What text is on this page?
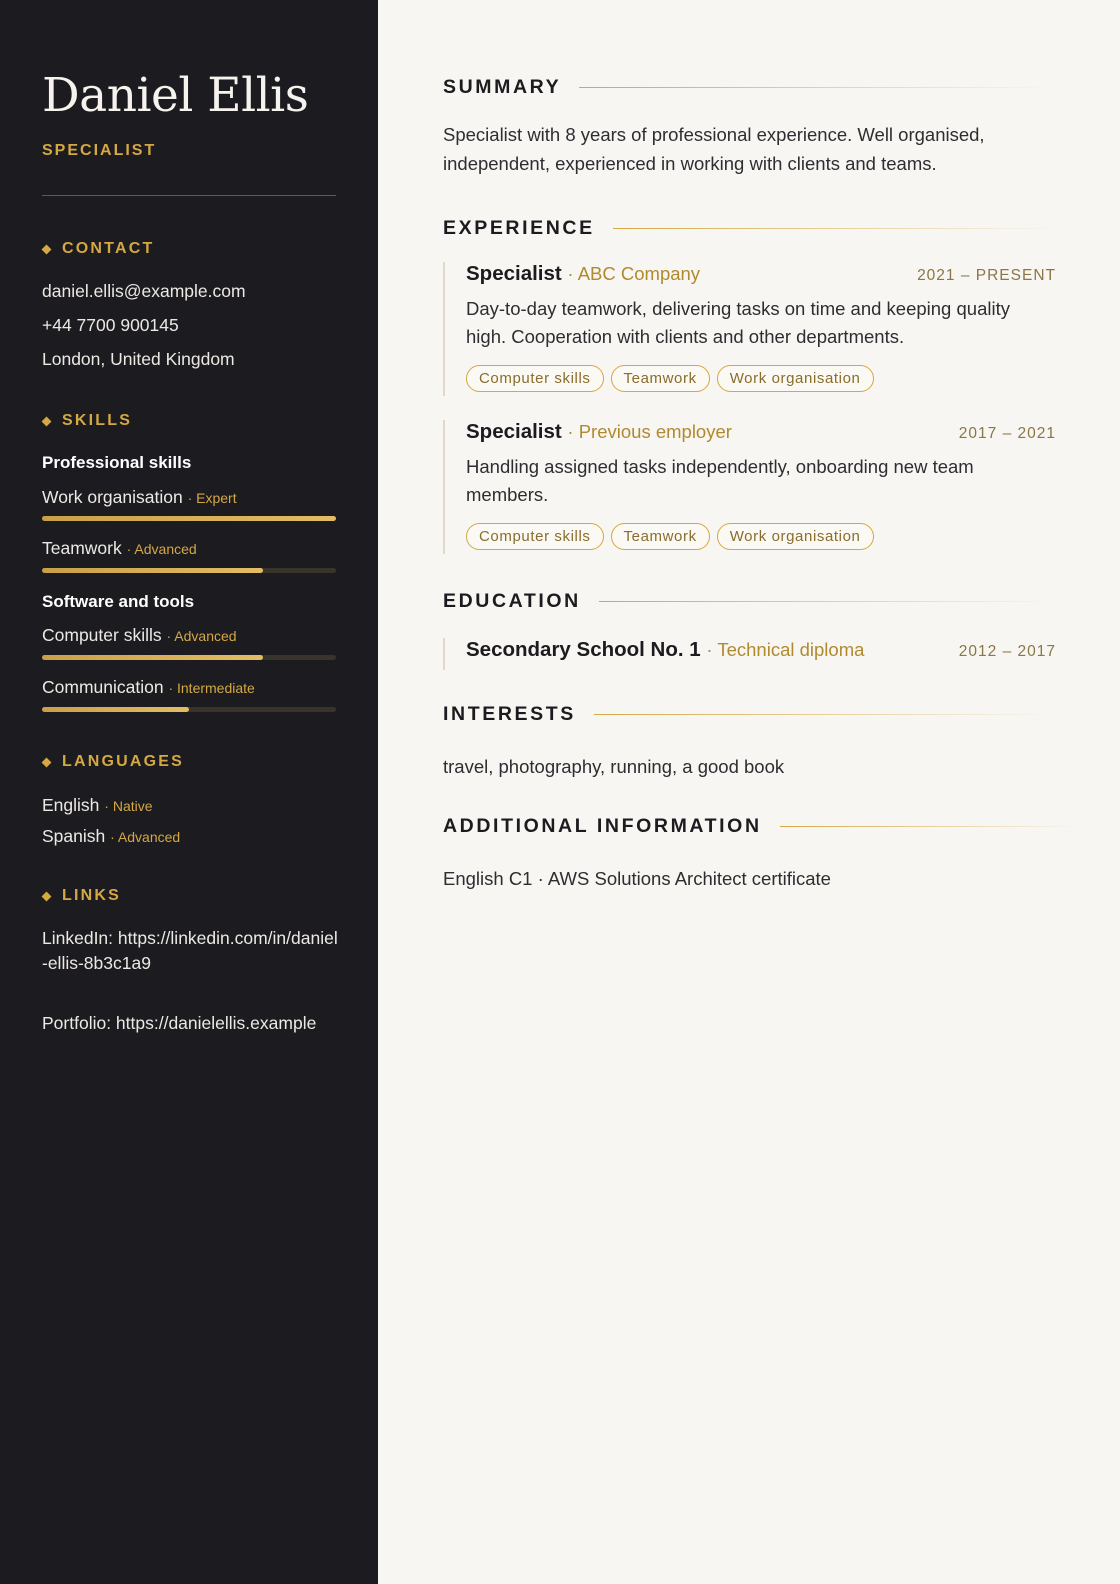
Daniel Ellis
SPECIALIST
CONTACT
daniel.ellis@example.com
+44 7700 900145
London, United Kingdom
SKILLS
Professional skills
Work organisation · Expert
Teamwork · Advanced
Software and tools
Computer skills · Advanced
Communication · Intermediate
LANGUAGES
English · Native
Spanish · Advanced
LINKS
LinkedIn: https://linkedin.com/in/daniel-ellis-8b3c1a9
Portfolio: https://danielellis.example
SUMMARY
Specialist with 8 years of professional experience. Well organised, independent, experienced in working with clients and teams.
EXPERIENCE
Specialist · ABC Company	2021 – PRESENT
Day-to-day teamwork, delivering tasks on time and keeping quality high. Cooperation with clients and other departments.
Computer skills	Teamwork	Work organisation
Specialist · Previous employer	2017 – 2021
Handling assigned tasks independently, onboarding new team members.
Computer skills	Teamwork	Work organisation
EDUCATION
Secondary School No. 1 · Technical diploma	2012 – 2017
INTERESTS
travel, photography, running, a good book
ADDITIONAL INFORMATION
English C1 · AWS Solutions Architect certificate
